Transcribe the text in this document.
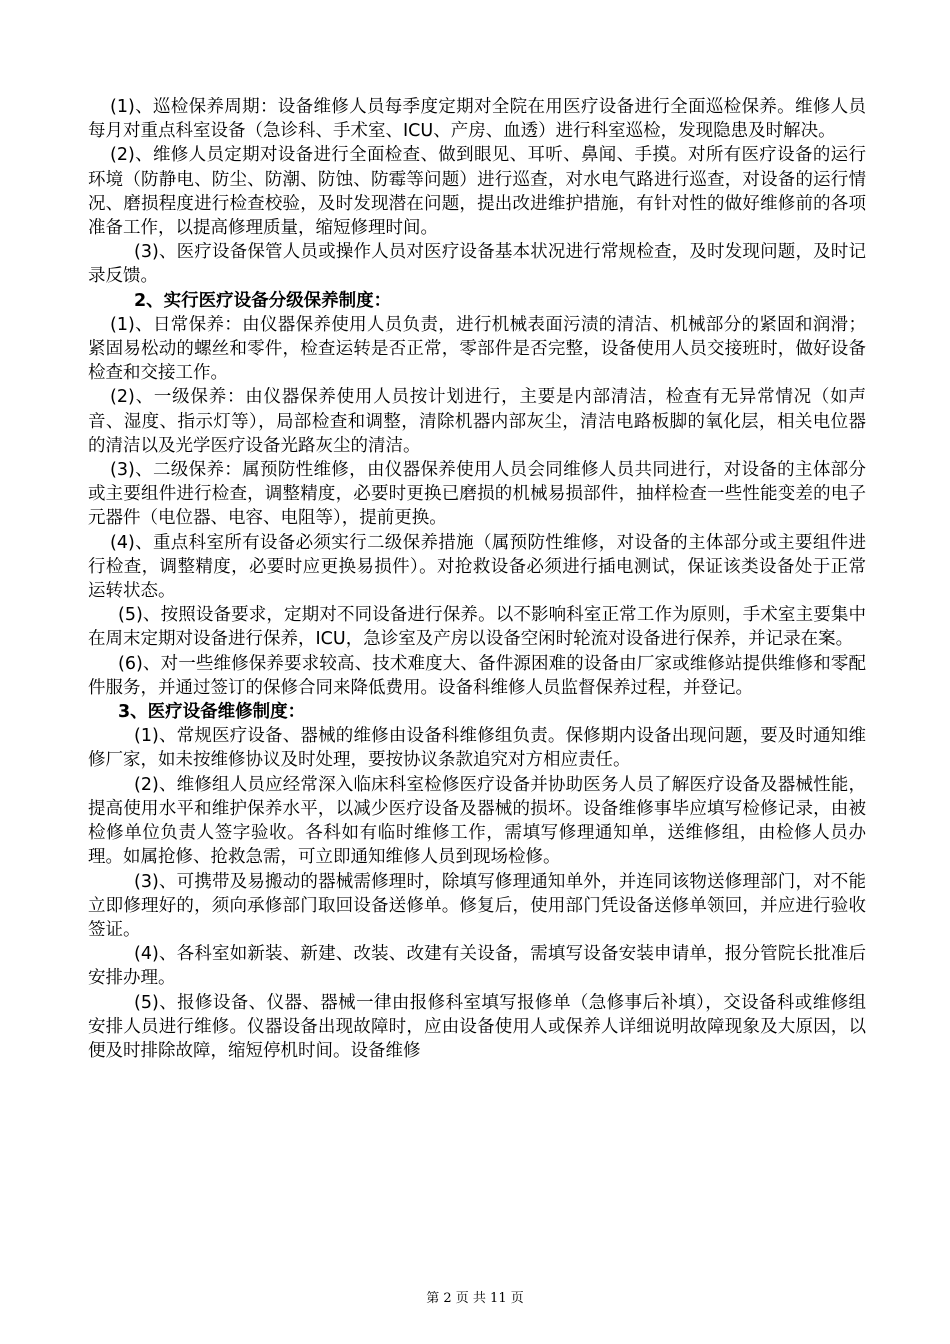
(1)、巡检保养周期：设备维修人员每季度定期对全院在用医疗设备进行全面巡检保养。维修人员每月对重点科室设备（急诊科、手术室、ICU、产房、血透）进行科室巡检，发现隐患及时解决。

(2)、维修人员定期对设备进行全面检查、做到眼见、耳听、鼻闻、手摸。对所有医疗设备的运行环境（防静电、防尘、防潮、防蚀、防霉等问题）进行巡查，对水电气路进行巡查，对设备的运行情况、磨损程度进行检查校验，及时发现潜在问题，提出改进维护措施，有针对性的做好维修前的各项准备工作，以提高修理质量，缩短修理时间。

(3)、医疗设备保管人员或操作人员对医疗设备基本状况进行常规检查，及时发现问题，及时记录反馈。

2、实行医疗设备分级保养制度：

(1)、日常保养：由仪器保养使用人员负责，进行机械表面污渍的清洁、机械部分的紧固和润滑；紧固易松动的螺丝和零件，检查运转是否正常，零部件是否完整，设备使用人员交接班时，做好设备检查和交接工作。

(2)、一级保养：由仪器保养使用人员按计划进行，主要是内部清洁，检查有无异常情况（如声音、湿度、指示灯等），局部检查和调整，清除机器内部灰尘，清洁电路板脚的氧化层，相关电位器的清洁以及光学医疗设备光路灰尘的清洁。

(3)、二级保养：属预防性维修，由仪器保养使用人员会同维修人员共同进行，对设备的主体部分或主要组件进行检查，调整精度，必要时更换已磨损的机械易损部件，抽样检查一些性能变差的电子元器件（电位器、电容、电阻等），提前更换。

(4)、重点科室所有设备必须实行二级保养措施（属预防性维修，对设备的主体部分或主要组件进行检查，调整精度，必要时应更换易损件）。对抢救设备必须进行插电测试，保证该类设备处于正常运转状态。

(5)、按照设备要求，定期对不同设备进行保养。以不影响科室正常工作为原则，手术室主要集中在周末定期对设备进行保养，ICU，急诊室及产房以设备空闲时轮流对设备进行保养，并记录在案。

(6)、对一些维修保养要求较高、技术难度大、备件源困难的设备由厂家或维修站提供维修和零配件服务，并通过签订的保修合同来降低费用。设备科维修人员监督保养过程，并登记。

3、医疗设备维修制度：

(1)、常规医疗设备、器械的维修由设备科维修组负责。保修期内设备出现问题，要及时通知维修厂家，如未按维修协议及时处理，要按协议条款追究对方相应责任。

(2)、维修组人员应经常深入临床科室检修医疗设备并协助医务人员了解医疗设备及器械性能，提高使用水平和维护保养水平，以减少医疗设备及器械的损坏。设备维修事毕应填写检修记录，由被检修单位负责人签字验收。各科如有临时维修工作，需填写修理通知单，送维修组，由检修人员办理。如属抢修、抢救急需，可立即通知维修人员到现场检修。

(3)、可携带及易搬动的器械需修理时，除填写修理通知单外，并连同该物送修理部门，对不能立即修理好的，须向承修部门取回设备送修单。修复后，使用部门凭设备送修单领回，并应进行验收签证。

(4)、各科室如新装、新建、改装、改建有关设备，需填写设备安装申请单，报分管院长批准后安排办理。

(5)、报修设备、仪器、器械一律由报修科室填写报修单（急修事后补填），交设备科或维修组安排人员进行维修。仪器设备出现故障时，应由设备使用人或保养人详细说明故障现象及大原因，以便及时排除故障，缩短停机时间。设备维修

第 2 页 共 11 页
